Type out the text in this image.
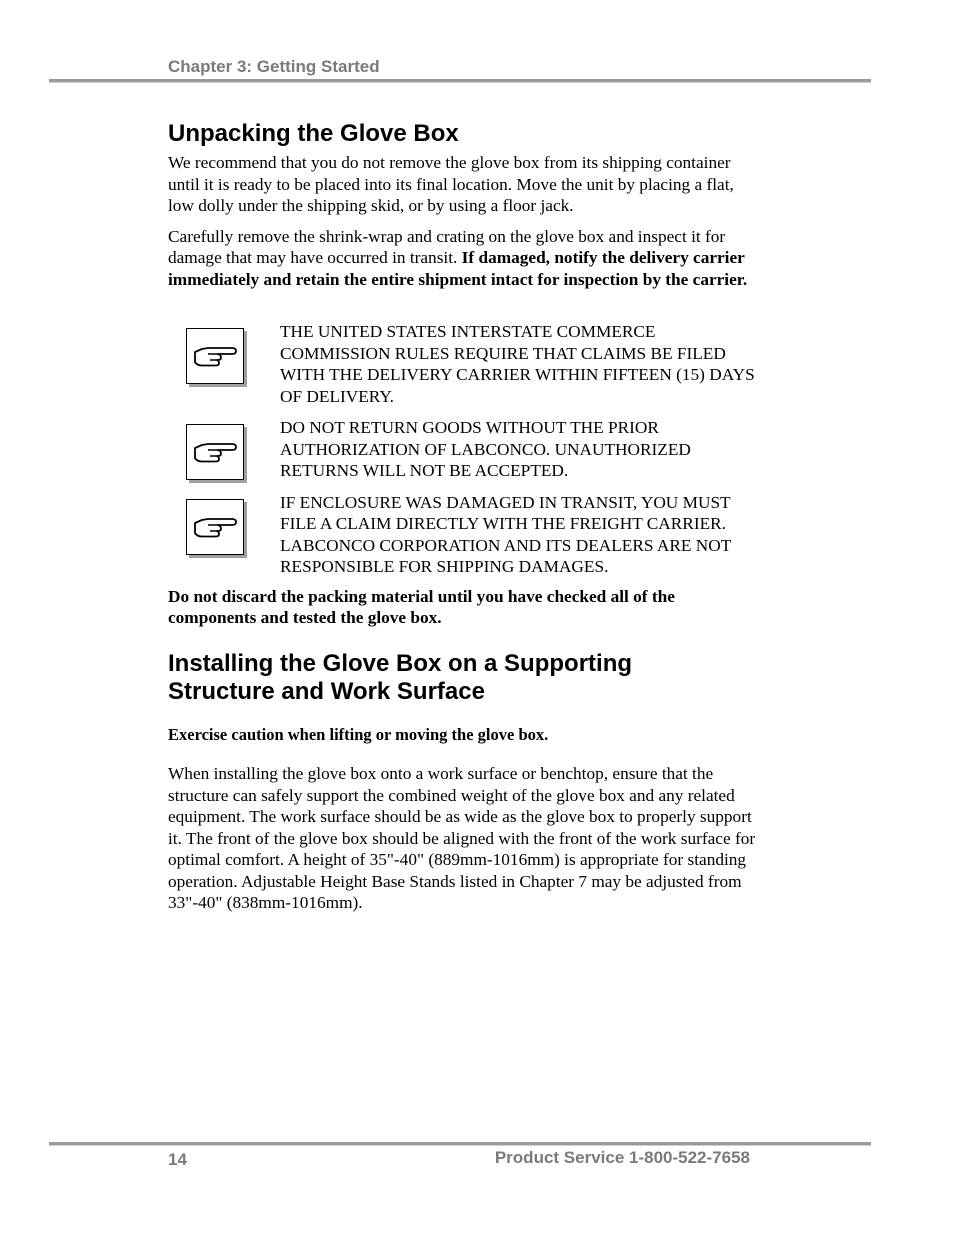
Chapter 3: Getting Started
Unpacking the Glove Box

We recommend that you do not remove the glove box from its shipping container until it is ready to be placed into its final location. Move the unit by placing a flat, low dolly under the shipping skid, or by using a floor jack.

Carefully remove the shrink-wrap and crating on the glove box and inspect it for damage that may have occurred in transit. If damaged, notify the delivery carrier immediately and retain the entire shipment intact for inspection by the carrier.

THE UNITED STATES INTERSTATE COMMERCE COMMISSION RULES REQUIRE THAT CLAIMS BE FILED WITH THE DELIVERY CARRIER WITHIN FIFTEEN (15) DAYS OF DELIVERY.

DO NOT RETURN GOODS WITHOUT THE PRIOR AUTHORIZATION OF LABCONCO. UNAUTHORIZED RETURNS WILL NOT BE ACCEPTED.

IF ENCLOSURE WAS DAMAGED IN TRANSIT, YOU MUST FILE A CLAIM DIRECTLY WITH THE FREIGHT CARRIER. LABCONCO CORPORATION AND ITS DEALERS ARE NOT RESPONSIBLE FOR SHIPPING DAMAGES.

Do not discard the packing material until you have checked all of the components and tested the glove box.

Installing the Glove Box on a Supporting Structure and Work Surface

Exercise caution when lifting or moving the glove box.

When installing the glove box onto a work surface or benchtop, ensure that the structure can safely support the combined weight of the glove box and any related equipment. The work surface should be as wide as the glove box to properly support it. The front of the glove box should be aligned with the front of the work surface for optimal comfort. A height of 35"-40" (889mm-1016mm) is appropriate for standing operation. Adjustable Height Base Stands listed in Chapter 7 may be adjusted from 33"-40" (838mm-1016mm).

14	Product Service 1-800-522-7658
